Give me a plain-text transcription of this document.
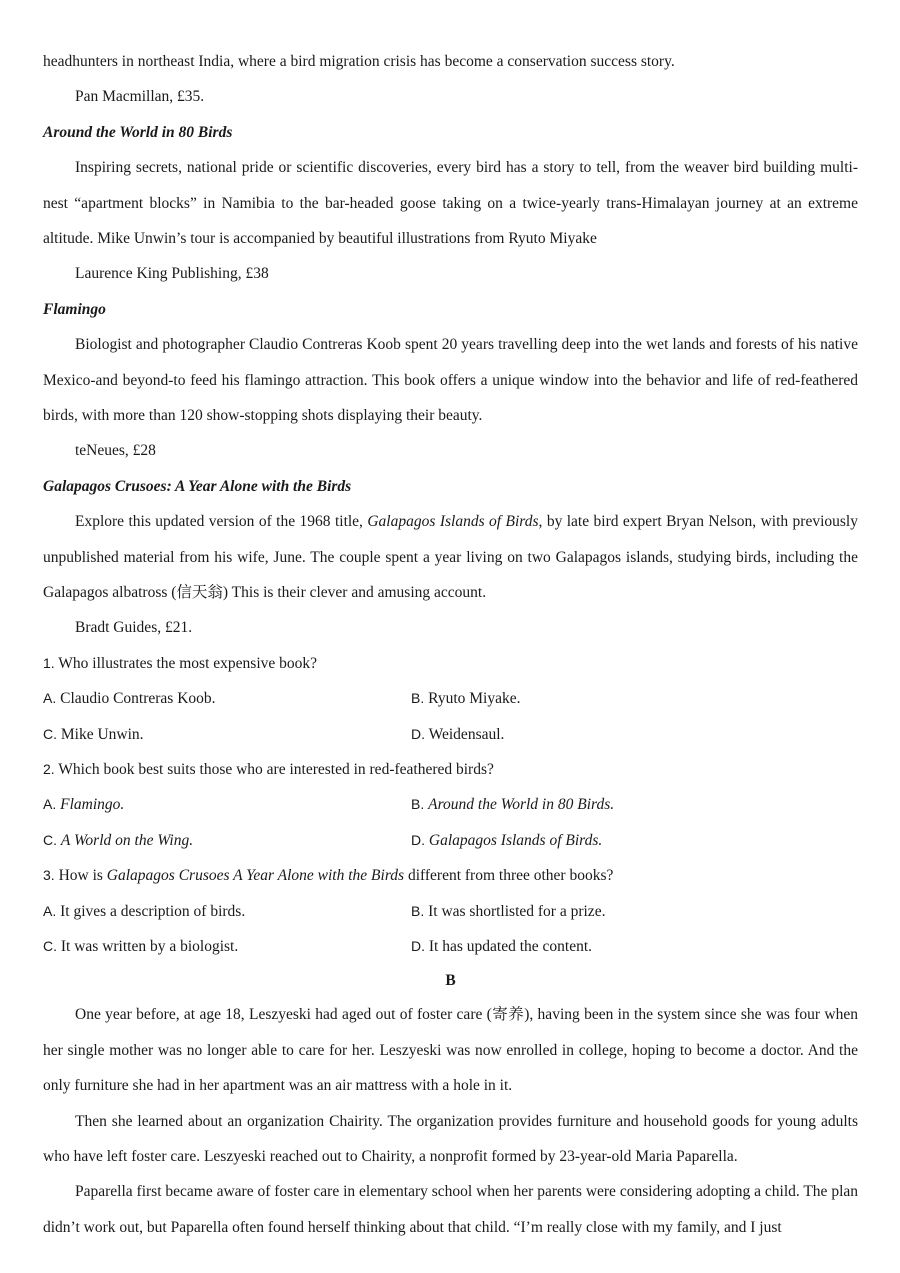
headhunters in northeast India, where a bird migration crisis has become a conservation success story.
Pan Macmillan, £35.
Around the World in 80 Birds

Inspiring secrets, national pride or scientific discoveries, every bird has a story to tell, from the weaver bird building multi-nest “apartment blocks” in Namibia to the bar-headed goose taking on a twice-yearly trans-Himalayan journey at an extreme altitude. Mike Unwin’s tour is accompanied by beautiful illustrations from Ryuto Miyake

Laurence King Publishing, £38
Flamingo

Biologist and photographer Claudio Contreras Koob spent 20 years travelling deep into the wet lands and forests of his native Mexico-and beyond-to feed his flamingo attraction. This book offers a unique window into the behavior and life of red-feathered birds, with more than 120 show-stopping shots displaying their beauty.

teNeues, £28
Galapagos Crusoes: A Year Alone with the Birds

Explore this updated version of the 1968 title, Galapagos Islands of Birds, by late bird expert Bryan Nelson, with previously unpublished material from his wife, June. The couple spent a year living on two Galapagos islands, studying birds, including the Galapagos albatross (信天翁) This is their clever and amusing account.

Bradt Guides, £21.
1. Who illustrates the most expensive book?
A. Claudio Contreras Koob.	B. Ryuto Miyake.
C. Mike Unwin.	D. Weidensaul.
2. Which book best suits those who are interested in red-feathered birds?
A. Flamingo.	B. Around the World in 80 Birds.
C. A World on the Wing.	D. Galapagos Islands of Birds.
3. How is Galapagos Crusoes A Year Alone with the Birds different from three other books?
A. It gives a description of birds.	B. It was shortlisted for a prize.
C. It was written by a biologist.	D. It has updated the content.
B

One year before, at age 18, Leszyeski had aged out of foster care (寄养), having been in the system since she was four when her single mother was no longer able to care for her. Leszyeski was now enrolled in college, hoping to become a doctor. And the only furniture she had in her apartment was an air mattress with a hole in it.

Then she learned about an organization Chairity. The organization provides furniture and household goods for young adults who have left foster care. Leszyeski reached out to Chairity, a nonprofit formed by 23-year-old Maria Paparella.

Paparella first became aware of foster care in elementary school when her parents were considering adopting a child. The plan didn’t work out, but Paparella often found herself thinking about that child. “I’m really close with my family, and I just
